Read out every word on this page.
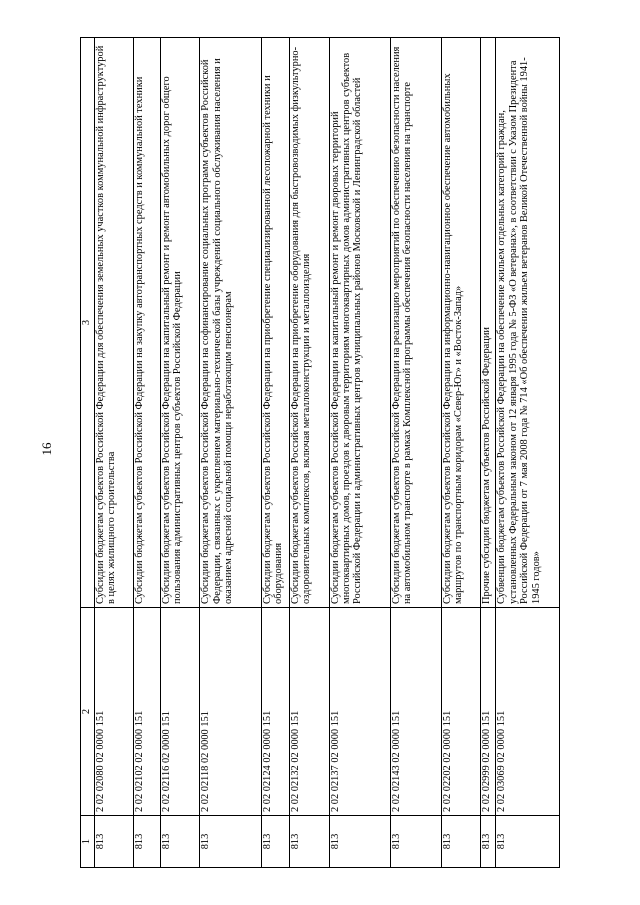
16
1	2	3
813	2 02 02080 02 0000 151	Субсидии бюджетам субъектов Российской Федерации для обеспечения земельных участков коммунальной инфраструктурой в целях жилищного строительства
813	2 02 02102 02 0000 151	Субсидии бюджетам субъектов Российской Федерации на закупку автотранспортных средств и коммунальной техники
813	2 02 02116 02 0000 151	Субсидии бюджетам субъектов Российской Федерации на капитальный ремонт и ремонт автомобильных дорог общего пользования административных центров субъектов Российской Федерации
813	2 02 02118 02 0000 151	Субсидии бюджетам субъектов Российской Федерации на софинансирование социальных программ субъектов Российской Федерации, связанных с укреплением материально-технической базы учреждений социального обслуживания населения и оказанием адресной социальной помощи неработающим пенсионерам
813	2 02 02124 02 0000 151	Субсидии бюджетам субъектов Российской Федерации на приобретение специализированной лесопожарной техники и оборудования
813	2 02 02132 02 0000 151	Субсидии бюджетам субъектов Российской Федерации на приобретение оборудования для быстровозводимых физкультурно-оздоровительных комплексов, включая металлоконструкции и металлоизделия
813	2 02 02137 02 0000 151	Субсидии бюджетам субъектов Российской Федерации на капитальный ремонт и ремонт дворовых территорий многоквартирных домов, проездов к дворовым территориям многоквартирных домов административных центров субъектов Российской Федерации и административных центров муниципальных районов Московской и Ленинградской областей
813	2 02 02143 02 0000 151	Субсидии бюджетам субъектов Российской Федерации на реализацию мероприятий по обеспечению безопасности населения на автомобильном транспорте в рамках Комплексной программы обеспечения безопасности населения на транспорте
813	2 02 02202 02 0000 151	Субсидии бюджетам субъектов Российской Федерации на информационно-навигационное обеспечение автомобильных маршрутов по транспортным коридорам «Север-Юг» и «Восток-Запад»
813	2 02 02999 02 0000 151	Прочие субсидии бюджетам субъектов Российской Федерации
813	2 02 03069 02 0000 151	Субвенции бюджетам субъектов Российской Федерации на обеспечение жильем отдельных категорий граждан, установленных Федеральным законом от 12 января 1995 года № 5-ФЗ «О ветеранах», в соответствии с Указом Президента Российской Федерации от 7 мая 2008 года № 714 «Об обеспечении жильем ветеранов Великой Отечественной войны 1941-1945 годов»
